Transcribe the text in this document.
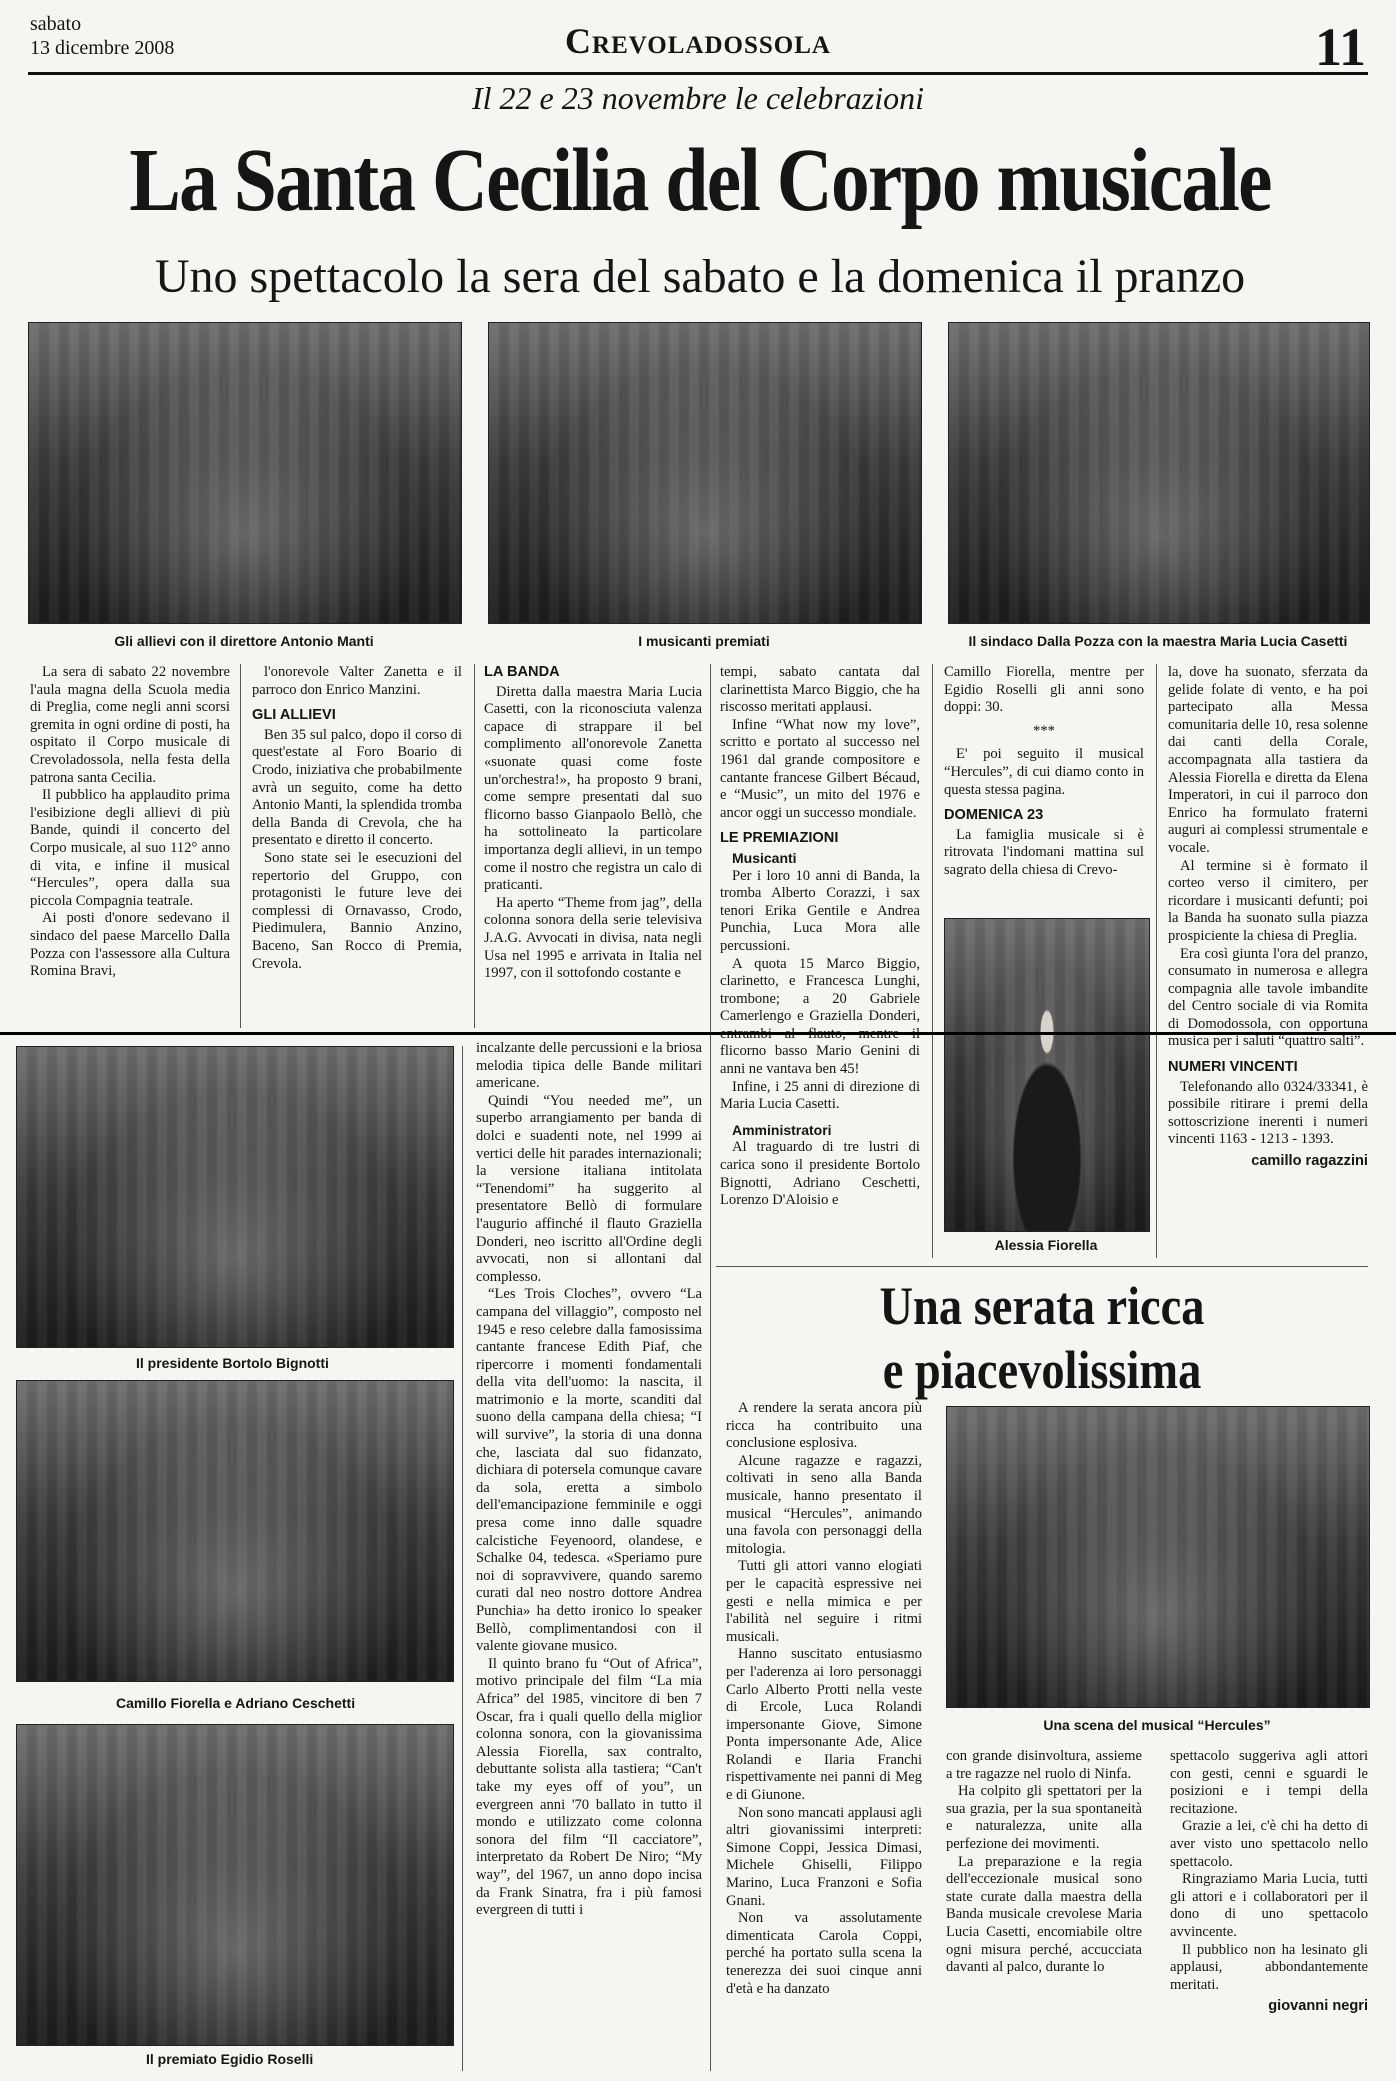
sabato
13 dicembre 2008	Crevoladossola	11
Il 22 e 23 novembre le celebrazioni
La Santa Cecilia del Corpo musicale
Uno spettacolo la sera del sabato e la domenica il pranzo
Gli allievi con il direttore Antonio Manti	I musicanti premiati	Il sindaco Dalla Pozza con la maestra Maria Lucia Casetti

La sera di sabato 22 novembre l'aula magna della Scuola media di Preglia, come negli anni scorsi gremita in ogni ordine di posti, ha ospitato il Corpo musicale di Crevoladossola, nella festa della patrona santa Cecilia.

Il pubblico ha applaudito prima l'esibizione degli allievi di più Bande, quindi il concerto del Corpo musicale, al suo 112° anno di vita, e infine il musical “Hercules”, opera dalla sua piccola Compagnia teatrale.

Ai posti d'onore sedevano il sindaco del paese Marcello Dalla Pozza con l'assessore alla Cultura Romina Bravi,

l'onorevole Valter Zanetta e il parroco don Enrico Manzini.

GLI ALLIEVI

Ben 35 sul palco, dopo il corso di quest'estate al Foro Boario di Crodo, iniziativa che probabilmente avrà un seguito, come ha detto Antonio Manti, la splendida tromba della Banda di Crevola, che ha presentato e diretto il concerto.

Sono state sei le esecuzioni del repertorio del Gruppo, con protagonisti le future leve dei complessi di Ornavasso, Crodo, Piedimulera, Bannio Anzino, Baceno, San Rocco di Premia, Crevola.

Il presidente Bortolo Bignotti
Camillo Fiorella e Adriano Ceschetti
Il premiato Egidio Roselli
LA BANDA

Diretta dalla maestra Maria Lucia Casetti, con la riconosciuta valenza capace di strappare il bel complimento all'onorevole Zanetta «suonate quasi come foste un'orchestra!», ha proposto 9 brani, come sempre presentati dal suo flicorno basso Gianpaolo Bellò, che ha sottolineato la particolare importanza degli allievi, in un tempo come il nostro che registra un calo di praticanti.

Ha aperto “Theme from jag”, della colonna sonora della serie televisiva J.A.G. Avvocati in divisa, nata negli Usa nel 1995 e arrivata in Italia nel 1997, con il sottofondo costante e

incalzante delle percussioni e la briosa melodia tipica delle Bande militari americane.

Quindi “You needed me”, un superbo arrangiamento per banda di dolci e suadenti note, nel 1999 ai vertici delle hit parades internazionali; la versione italiana intitolata “Tenendomi” ha suggerito al presentatore Bellò di formulare l'augurio affinché il flauto Graziella Donderi, neo iscritto all'Ordine degli avvocati, non si allontani dal complesso.

“Les Trois Cloches”, ovvero “La campana del villaggio”, composto nel 1945 e reso celebre dalla famosissima cantante francese Edith Piaf, che ripercorre i momenti fondamentali della vita dell'uomo: la nascita, il matrimonio e la morte, scanditi dal suono della campana della chiesa; “I will survive”, la storia di una donna che, lasciata dal suo fidanzato, dichiara di potersela comunque cavare da sola, eretta a simbolo dell'emancipazione femminile e oggi presa come inno dalle squadre calcistiche Feyenoord, olandese, e Schalke 04, tedesca. «Speriamo pure noi di sopravvivere, quando saremo curati dal neo nostro dottore Andrea Punchia» ha detto ironico lo speaker Bellò, complimentandosi con il valente giovane musico.

Il quinto brano fu “Out of Africa”, motivo principale del film “La mia Africa” del 1985, vincitore di ben 7 Oscar, fra i quali quello della miglior colonna sonora, con la giovanissima Alessia Fiorella, sax contralto, debuttante solista alla tastiera; “Can't take my eyes off of you”, un evergreen anni '70 ballato in tutto il mondo e utilizzato come colonna sonora del film “Il cacciatore”, interpretato da Robert De Niro; “My way”, del 1967, un anno dopo incisa da Frank Sinatra, fra i più famosi evergreen di tutti i

tempi, sabato cantata dal clarinettista Marco Biggio, che ha riscosso meritati applausi.

Infine “What now my love”, scritto e portato al successo nel 1961 dal grande compositore e cantante francese Gilbert Bécaud, e “Music”, un mito del 1976 e ancor oggi un successo mondiale.

LE PREMIAZIONI

Musicanti

Per i loro 10 anni di Banda, la tromba Alberto Corazzi, i sax tenori Erika Gentile e Andrea Punchia, Luca Mora alle percussioni.

A quota 15 Marco Biggio, clarinetto, e Francesca Lunghi, trombone; a 20 Gabriele Camerlengo e Graziella Donderi, entrambi al flauto, mentre il flicorno basso Mario Genini di anni ne vantava ben 45!

Infine, i 25 anni di direzione di Maria Lucia Casetti.

Amministratori

Al traguardo di tre lustri di carica sono il presidente Bortolo Bignotti, Adriano Ceschetti, Lorenzo D'Aloisio e

Camillo Fiorella, mentre per Egidio Roselli gli anni sono doppi: 30.

***

E' poi seguito il musical “Hercules”, di cui diamo conto in questa stessa pagina.

DOMENICA 23

La famiglia musicale si è ritrovata l'indomani mattina sul sagrato della chiesa di Crevo-

Alessia Fiorella

la, dove ha suonato, sferzata da gelide folate di vento, e ha poi partecipato alla Messa comunitaria delle 10, resa solenne dai canti della Corale, accompagnata alla tastiera da Alessia Fiorella e diretta da Elena Imperatori, in cui il parroco don Enrico ha formulato fraterni auguri ai complessi strumentale e vocale.

Al termine si è formato il corteo verso il cimitero, per ricordare i musicanti defunti; poi la Banda ha suonato sulla piazza prospiciente la chiesa di Preglia.

Era così giunta l'ora del pranzo, consumato in numerosa e allegra compagnia alle tavole imbandite del Centro sociale di via Romita di Domodossola, con opportuna musica per i saluti “quattro salti”.

NUMERI VINCENTI

Telefonando allo 0324/33341, è possibile ritirare i premi della sottoscrizione inerenti i numeri vincenti 1163 - 1213 - 1393.

camillo ragazzini
Una serata ricca
e piacevolissima

A rendere la serata ancora più ricca ha contribuito una conclusione esplosiva.

Alcune ragazze e ragazzi, coltivati in seno alla Banda musicale, hanno presentato il musical “Hercules”, animando una favola con personaggi della mitologia.

Tutti gli attori vanno elogiati per le capacità espressive nei gesti e nella mimica e per l'abilità nel seguire i ritmi musicali.

Hanno suscitato entusiasmo per l'aderenza ai loro personaggi Carlo Alberto Protti nella veste di Ercole, Luca Rolandi impersonante Giove, Simone Ponta impersonante Ade, Alice Rolandi e Ilaria Franchi rispettivamente nei panni di Meg e di Giunone.

Non sono mancati applausi agli altri giovanissimi interpreti: Simone Coppi, Jessica Dimasi, Michele Ghiselli, Filippo Marino, Luca Franzoni e Sofia Gnani.

Non va assolutamente dimenticata Carola Coppi, perché ha portato sulla scena la tenerezza dei suoi cinque anni d'età e ha danzato

Una scena del musical “Hercules”

con grande disinvoltura, assieme a tre ragazze nel ruolo di Ninfa.

Ha colpito gli spettatori per la sua grazia, per la sua spontaneità e naturalezza, unite alla perfezione dei movimenti.

La preparazione e la regia dell'eccezionale musical sono state curate dalla maestra della Banda musicale crevolese Maria Lucia Casetti, encomiabile oltre ogni misura perché, accucciata davanti al palco, durante lo

spettacolo suggeriva agli attori con gesti, cenni e sguardi le posizioni e i tempi della recitazione.

Grazie a lei, c'è chi ha detto di aver visto uno spettacolo nello spettacolo.

Ringraziamo Maria Lucia, tutti gli attori e i collaboratori per il dono di uno spettacolo avvincente.

Il pubblico non ha lesinato gli applausi, abbondantemente meritati.

giovanni negri
